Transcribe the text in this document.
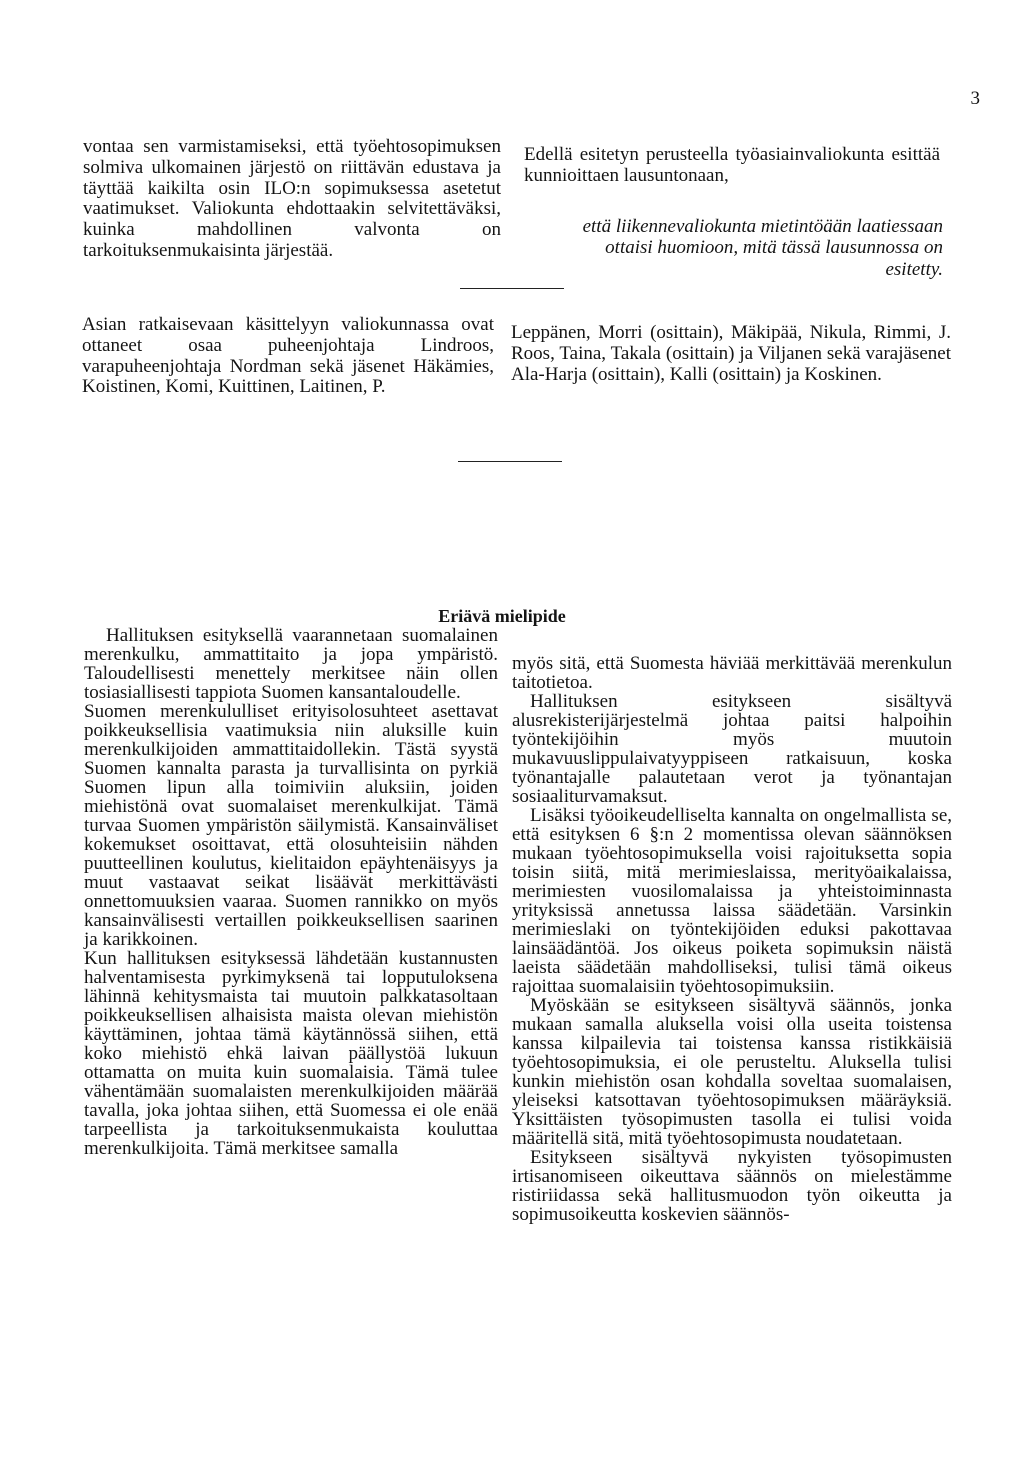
3

vontaa sen varmistamiseksi, että työehtosopimuksen solmiva ulkomainen järjestö on riittävän edustava ja täyttää kaikilta osin ILO:n sopimuksessa asetetut vaatimukset. Valiokunta ehdottaakin selvitettäväksi, kuinka mahdollinen valvonta on tarkoituksenmukaisinta järjestää.

Edellä esitetyn perusteella työasiainvaliokunta esittää kunnioittaen lausuntonaan,

että liikennevaliokunta mietintöään laatiessaan ottaisi huomioon, mitä tässä lausunnossa on esitetty.

Asian ratkaisevaan käsittelyyn valiokunnassa ovat ottaneet osaa puheenjohtaja Lindroos, varapuheenjohtaja Nordman sekä jäsenet Häkämies, Koistinen, Komi, Kuittinen, Laitinen, P.

Leppänen, Morri (osittain), Mäkipää, Nikula, Rimmi, J. Roos, Taina, Takala (osittain) ja Viljanen sekä varajäsenet Ala-Harja (osittain), Kalli (osittain) ja Koskinen.

Eriävä mielipide

Hallituksen esityksellä vaarannetaan suomalainen merenkulku, ammattitaito ja jopa ympäristö. Taloudellisesti menettely merkitsee näin ollen tosiasiallisesti tappiota Suomen kansantaloudelle.

Suomen merenkululliset erityisolosuhteet asettavat poikkeuksellisia vaatimuksia niin aluksille kuin merenkulkijoiden ammattitaidollekin. Tästä syystä Suomen kannalta parasta ja turvallisinta on pyrkiä Suomen lipun alla toimiviin aluksiin, joiden miehistönä ovat suomalaiset merenkulkijat. Tämä turvaa Suomen ympäristön säilymistä. Kansainväliset kokemukset osoittavat, että olosuhteisiin nähden puutteellinen koulutus, kielitaidon epäyhtenäisyys ja muut vastaavat seikat lisäävät merkittävästi onnettomuuksien vaaraa. Suomen rannikko on myös kansainvälisesti vertaillen poikkeuksellisen saarinen ja karikkoinen.

Kun hallituksen esityksessä lähdetään kustannusten halventamisesta pyrkimyksenä tai lopputuloksena lähinnä kehitysmaista tai muutoin palkkatasoltaan poikkeuksellisen alhaisista maista olevan miehistön käyttäminen, johtaa tämä käytännössä siihen, että koko miehistö ehkä laivan päällystöä lukuun ottamatta on muita kuin suomalaisia. Tämä tulee vähentämään suomalaisten merenkulkijoiden määrää tavalla, joka johtaa siihen, että Suomessa ei ole enää tarpeellista ja tarkoituksenmukaista kouluttaa merenkulkijoita. Tämä merkitsee samalla

myös sitä, että Suomesta häviää merkittävää merenkulun taitotietoa.

Hallituksen esitykseen sisältyvä alusrekisterijärjestelmä johtaa paitsi halpoihin työntekijöihin myös muutoin mukavuuslippulaivatyyppiseen ratkaisuun, koska työnantajalle palautetaan verot ja työnantajan sosiaaliturvamaksut.

Lisäksi työoikeudelliselta kannalta on ongelmallista se, että esityksen 6 §:n 2 momentissa olevan säännöksen mukaan työehtosopimuksella voisi rajoituksetta sopia toisin siitä, mitä merimieslaissa, merityöaikalaissa, merimiesten vuosilomalaissa ja yhteistoiminnasta yrityksissä annetussa laissa säädetään. Varsinkin merimieslaki on työntekijöiden eduksi pakottavaa lainsäädäntöä. Jos oikeus poiketa sopimuksin näistä laeista säädetään mahdolliseksi, tulisi tämä oikeus rajoittaa suomalaisiin työehtosopimuksiin.

Myöskään se esitykseen sisältyvä säännös, jonka mukaan samalla aluksella voisi olla useita toistensa kanssa kilpailevia tai toistensa kanssa ristikkäisiä työehtosopimuksia, ei ole perusteltu. Aluksella tulisi kunkin miehistön osan kohdalla soveltaa suomalaisen, yleiseksi katsottavan työehtosopimuksen määräyksiä. Yksittäisten työsopimusten tasolla ei tulisi voida määritellä sitä, mitä työehtosopimusta noudatetaan.

Esitykseen sisältyvä nykyisten työsopimusten irtisanomiseen oikeuttava säännös on mielestämme ristiriidassa sekä hallitusmuodon työn oikeutta ja sopimusoikeutta koskevien säännös-
